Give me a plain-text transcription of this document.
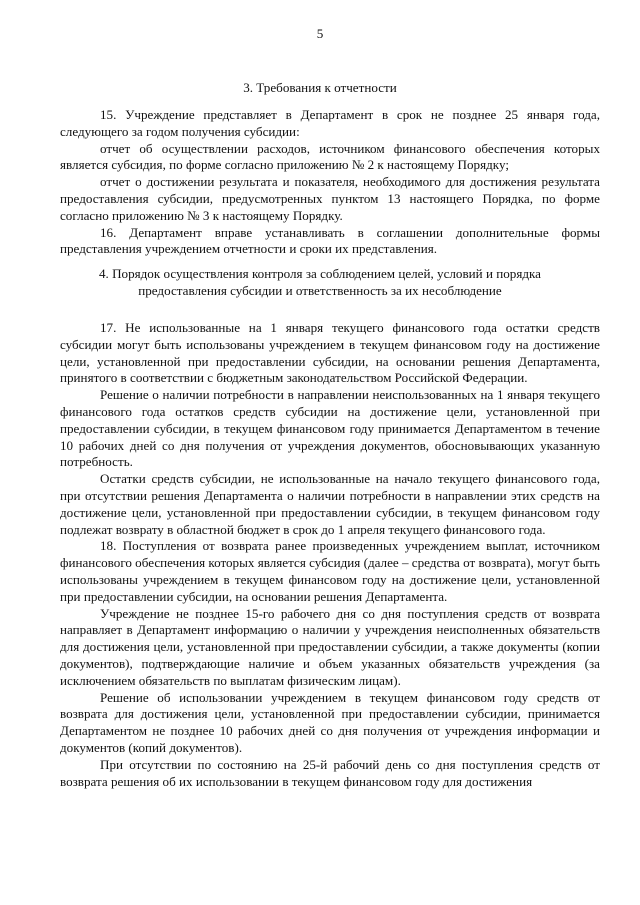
5
3. Требования к отчетности

15. Учреждение представляет в Департамент в срок не позднее 25 января года, следующего за годом получения субсидии:

отчет об осуществлении расходов, источником финансового обеспечения которых является субсидия, по форме согласно приложению № 2 к настоящему Порядку;

отчет о достижении результата и показателя, необходимого для достижения результата предоставления субсидии, предусмотренных пунктом 13 настоящего Порядка, по форме согласно приложению № 3 к настоящему Порядку.

16. Департамент вправе устанавливать в соглашении дополнительные формы представления учреждением отчетности и сроки их представления.

4. Порядок осуществления контроля за соблюдением целей, условий и порядка
предоставления субсидии и ответственность за их несоблюдение

17. Не использованные на 1 января текущего финансового года остатки средств субсидии могут быть использованы учреждением в текущем финансовом году на достижение цели, установленной при предоставлении субсидии, на основании решения Департамента, принятого в соответствии с бюджетным законодательством Российской Федерации.

Решение о наличии потребности в направлении неиспользованных на 1 января текущего финансового года остатков средств субсидии на достижение цели, установленной при предоставлении субсидии, в текущем финансовом году принимается Департаментом в течение 10 рабочих дней со дня получения от учреждения документов, обосновывающих указанную потребность.

Остатки средств субсидии, не использованные на начало текущего финансового года, при отсутствии решения Департамента о наличии потребности в направлении этих средств на достижение цели, установленной при предоставлении субсидии, в текущем финансовом году подлежат возврату в областной бюджет в срок до 1 апреля текущего финансового года.

18. Поступления от возврата ранее произведенных учреждением выплат, источником финансового обеспечения которых является субсидия (далее – средства от возврата), могут быть использованы учреждением в текущем финансовом году на достижение цели, установленной при предоставлении субсидии, на основании решения Департамента.

Учреждение не позднее 15-го рабочего дня со дня поступления средств от возврата направляет в Департамент информацию о наличии у учреждения неисполненных обязательств для достижения цели, установленной при предоставлении субсидии, а также документы (копии документов), подтверждающие наличие и объем указанных обязательств учреждения (за исключением обязательств по выплатам физическим лицам).

Решение об использовании учреждением в текущем финансовом году средств от возврата для достижения цели, установленной при предоставлении субсидии, принимается Департаментом не позднее 10 рабочих дней со дня получения от учреждения информации и документов (копий документов).

При отсутствии по состоянию на 25-й рабочий день со дня поступления средств от возврата решения об их использовании в текущем финансовом году для достижения
